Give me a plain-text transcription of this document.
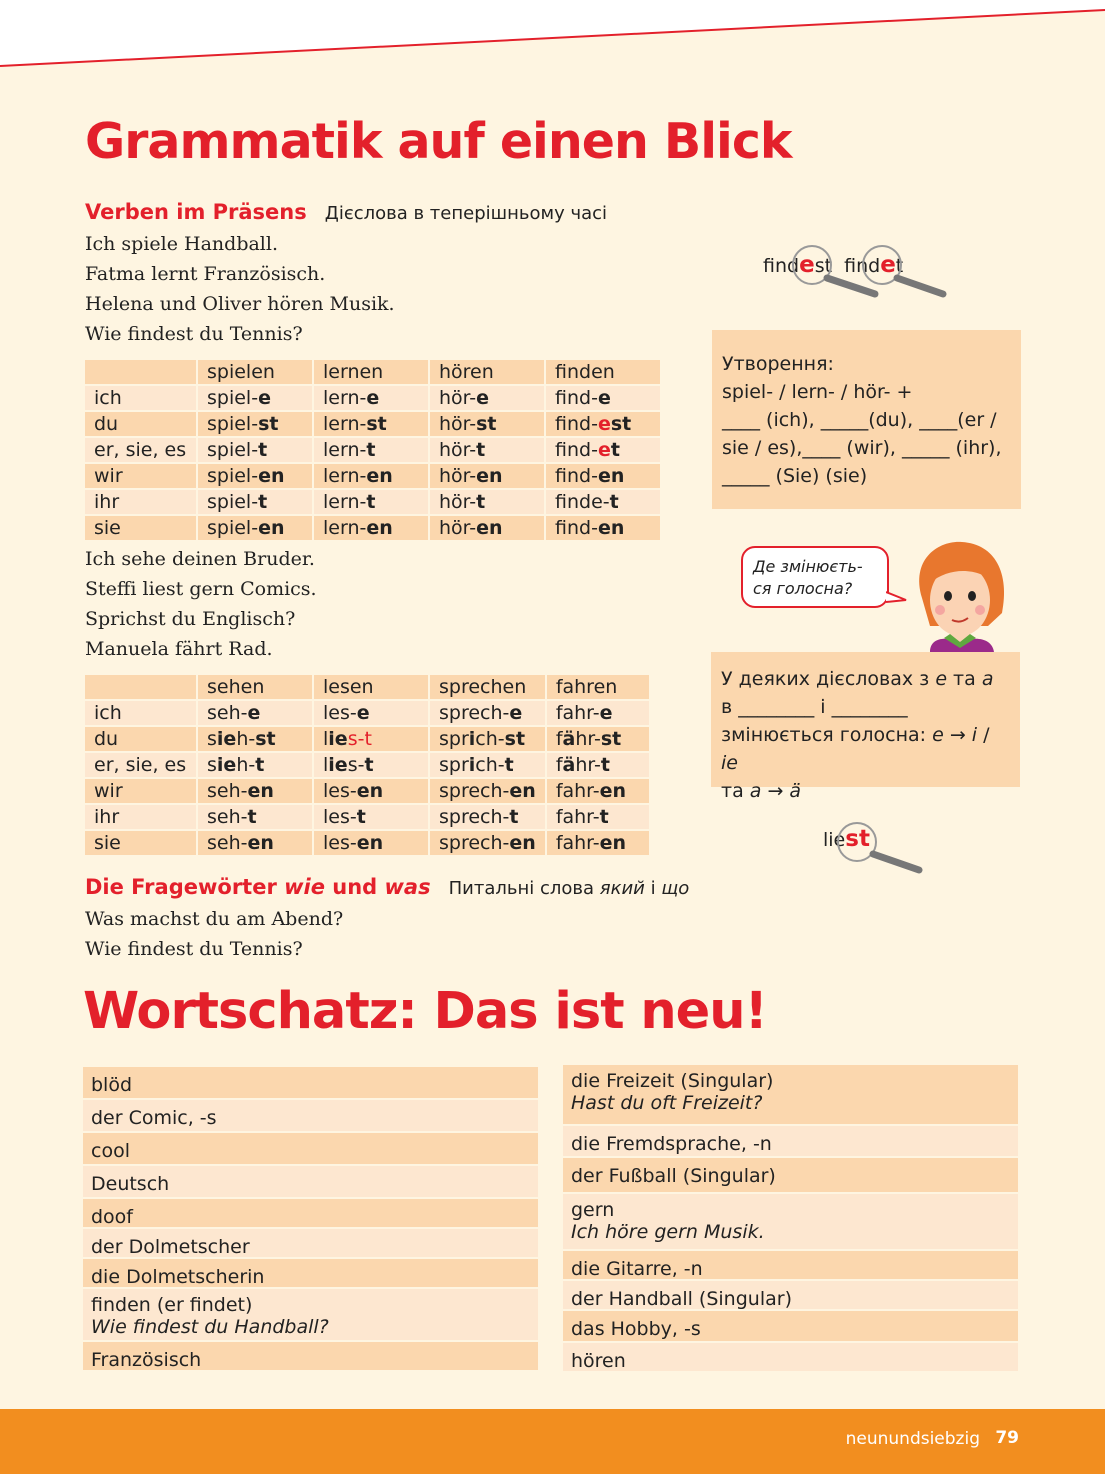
Grammatik auf einen Blick
Verben im Präsens Дієслова в теперішньому часі
Ich spiele Handball.
Fatma lernt Französisch.
Helena und Oliver hören Musik.
Wie findest du Tennis?
	spielen	lernen	hören	finden
ich	spiel-e	lern-e	hör-e	find-e
du	spiel-st	lern-st	hör-st	find-est
er, sie, es	spiel-t	lern-t	hör-t	find-et
wir	spiel-en	lern-en	hör-en	find-en
ihr	spiel-t	lern-t	hör-t	finde-t
sie	spiel-en	lern-en	hör-en	find-en
Ich sehe deinen Bruder.
Steffi liest gern Comics.
Sprichst du Englisch?
Manuela fährt Rad.
	sehen	lesen	sprechen	fahren
ich	seh-e	les-e	sprech-e	fahr-e
du	sieh-st	lies-t	sprich-st	fähr-st
er, sie, es	sieh-t	lies-t	sprich-t	fähr-t
wir	seh-en	les-en	sprech-en	fahr-en
ihr	seh-t	les-t	sprech-t	fahr-t
sie	seh-en	les-en	sprech-en	fahr-en
Die Fragewörter wie und was Питальні слова який і що
Was machst du am Abend?
Wie findest du Tennis?
findest  findet
Утворення:
spiel- / lern- / hör- +
____ (ich), _____(du), ____(er /
sie / es),____ (wir), _____ (ihr),
_____ (Sie) (sie)
Де змінюєть-
ся голосна?
У деяких дієсловах з e та a
в ________ і ________
змінюється голосна: e → i / ie
та a → ä
liest
Wortschatz: Das ist neu!
blöd
der Comic, -s
cool
Deutsch
doof
der Dolmetscher
die Dolmetscherin
finden (er findet)
Wie findest du Handball?
Französisch
die Freizeit (Singular)
Hast du oft Freizeit?
die Fremdsprache, -n
der Fußball (Singular)
gern
Ich höre gern Musik.
die Gitarre, -n
der Handball (Singular)
das Hobby, -s
hören
neunundsiebzig 79
